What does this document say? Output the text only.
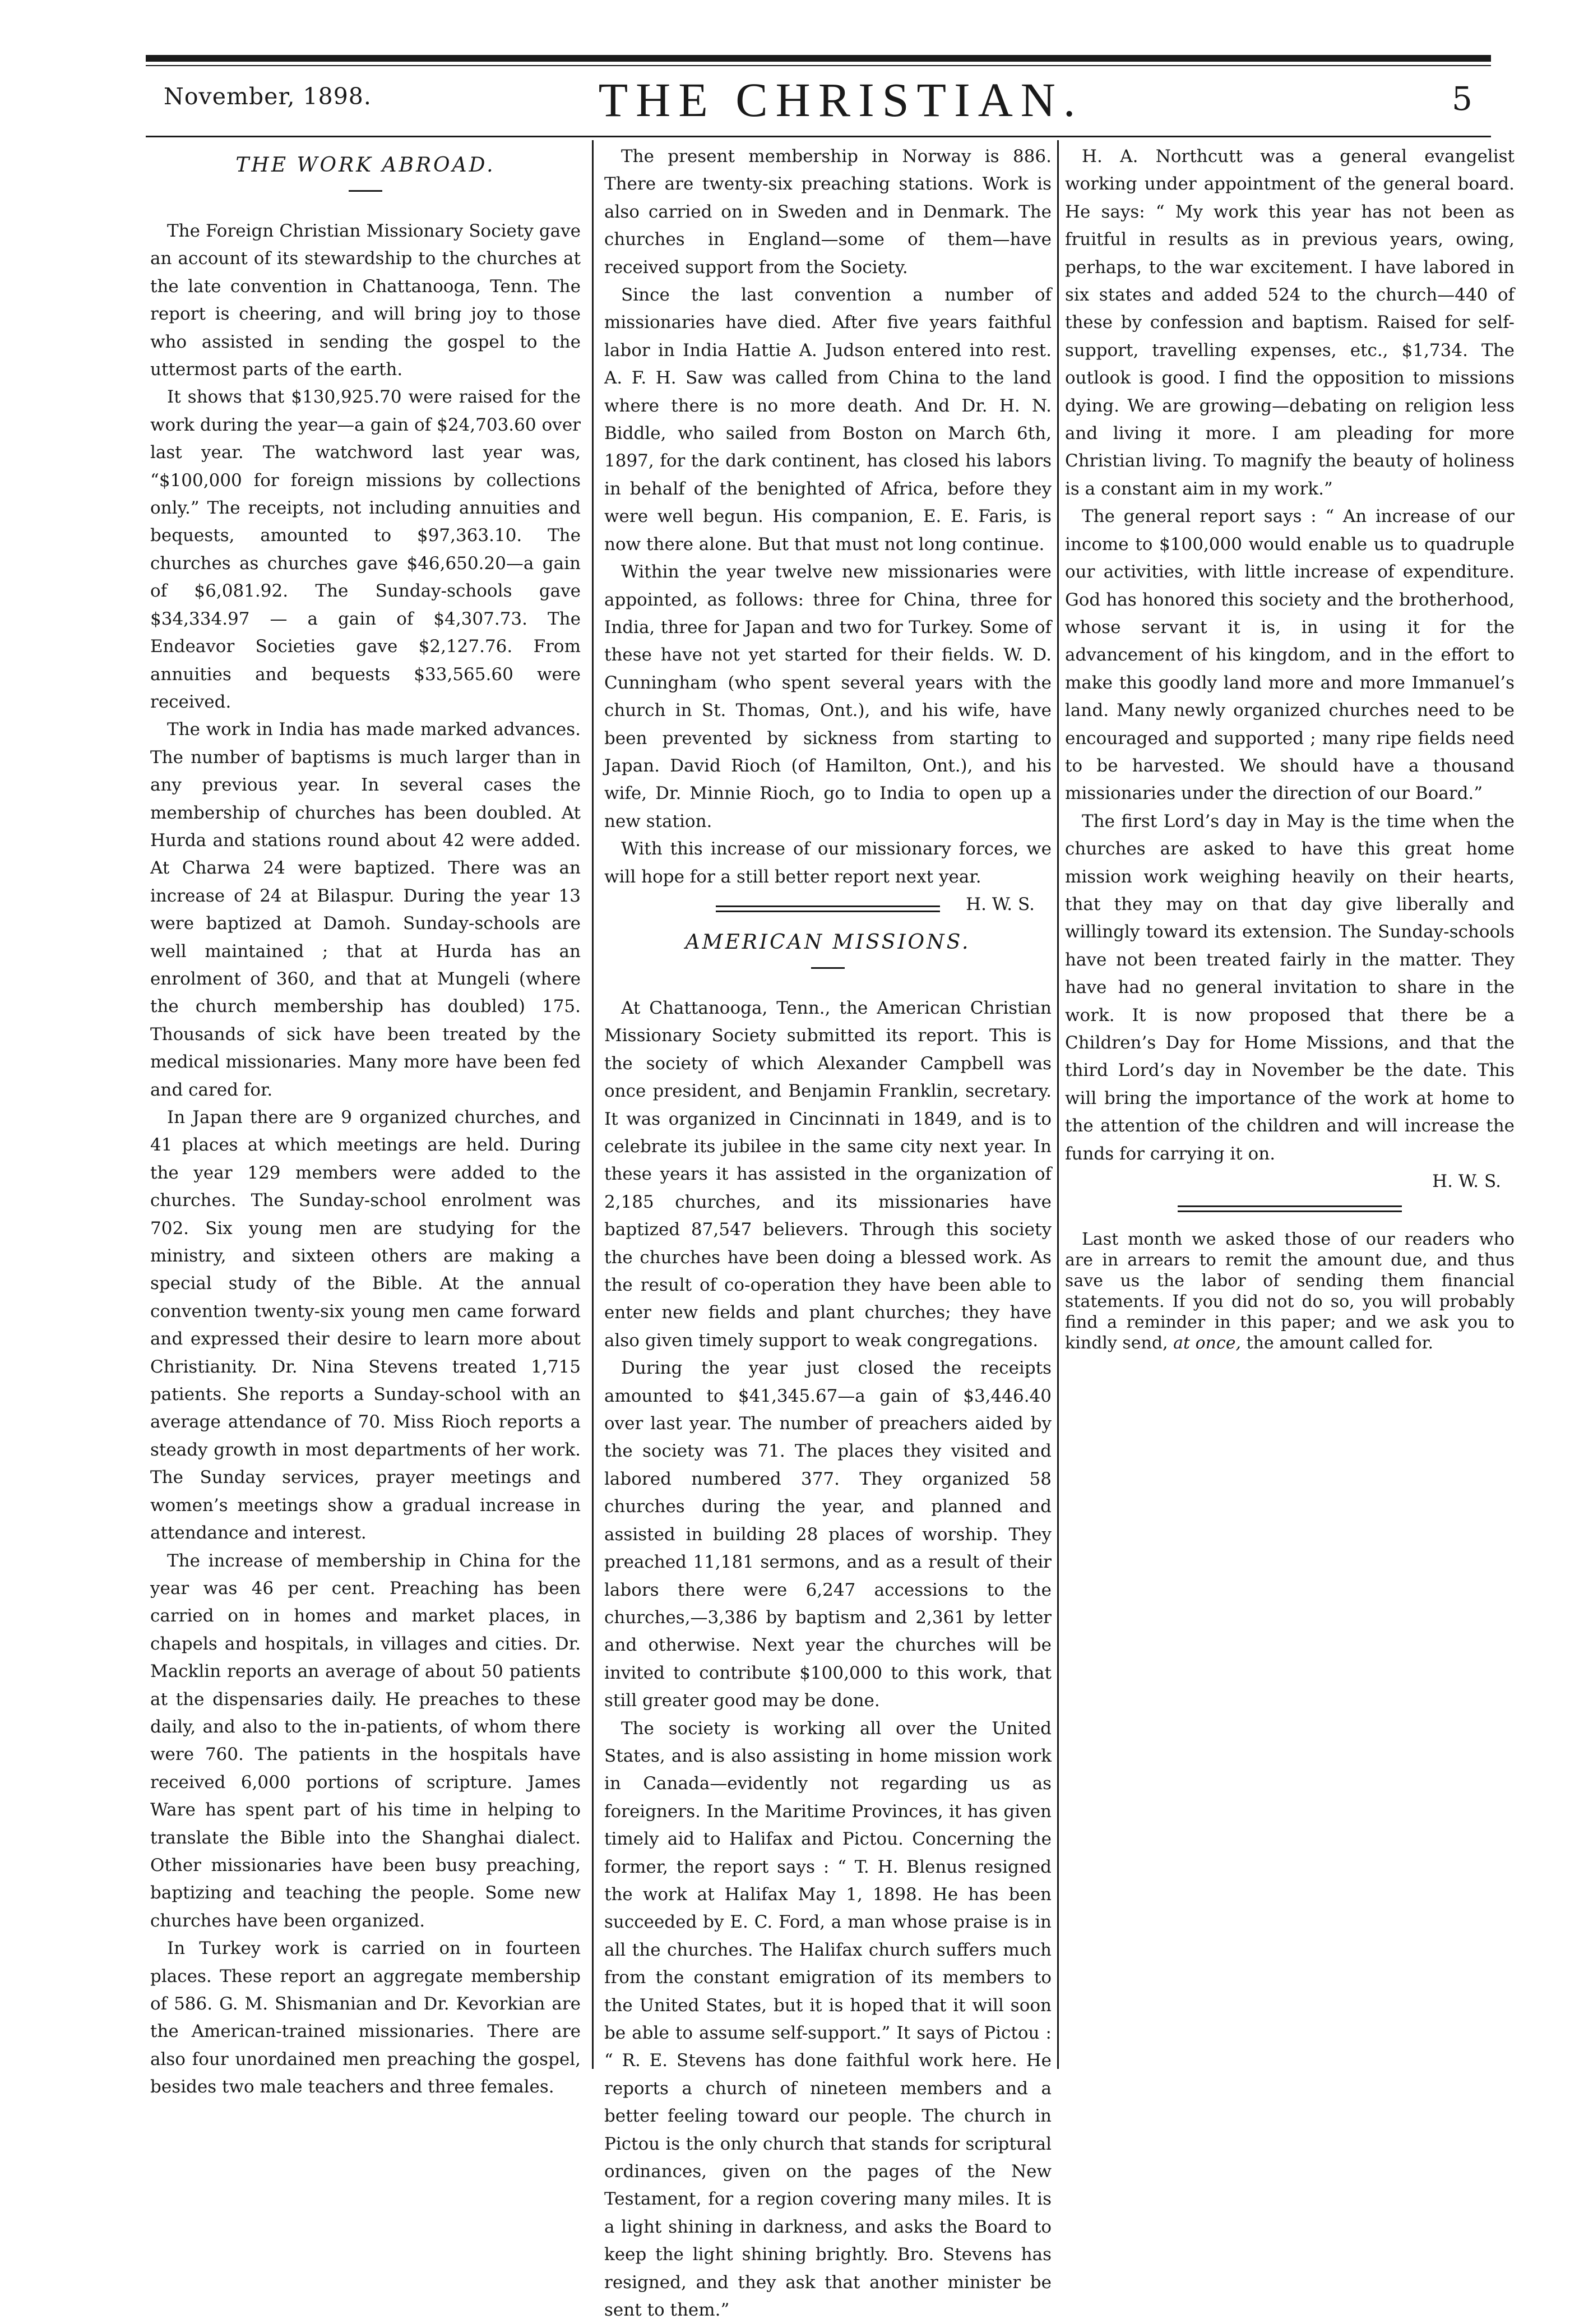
November, 1898.	THE CHRISTIAN.	5
THE WORK ABROAD.

The Foreign Christian Missionary Society gave an account of its stewardship to the churches at the late convention in Chattanooga, Tenn. The report is cheering, and will bring joy to those who assisted in sending the gospel to the uttermost parts of the earth.

It shows that $130,925.70 were raised for the work during the year—a gain of $24,703.60 over last year. The watchword last year was, “$100,000 for foreign missions by collections only.” The receipts, not including annuities and bequests, amounted to $97,363.10. The churches as churches gave $46,650.20—a gain of $6,081.92. The Sunday-schools gave $34,334.97 — a gain of $4,307.73. The Endeavor Societies gave $2,127.76. From annuities and bequests $33,565.60 were received.

The work in India has made marked advances. The number of baptisms is much larger than in any previous year. In several cases the membership of churches has been doubled. At Hurda and stations round about 42 were added. At Charwa 24 were baptized. There was an increase of 24 at Bilaspur. During the year 13 were baptized at Damoh. Sunday-schools are well maintained ; that at Hurda has an enrolment of 360, and that at Mungeli (where the church membership has doubled) 175. Thousands of sick have been treated by the medical missionaries. Many more have been fed and cared for.

In Japan there are 9 organized churches, and 41 places at which meetings are held. During the year 129 members were added to the churches. The Sunday-school enrolment was 702. Six young men are studying for the ministry, and sixteen others are making a special study of the Bible. At the annual convention twenty-six young men came forward and expressed their desire to learn more about Christianity. Dr. Nina Stevens treated 1,715 patients. She reports a Sunday-school with an average attendance of 70. Miss Rioch reports a steady growth in most departments of her work. The Sunday services, prayer meetings and women’s meetings show a gradual increase in attendance and interest.

The increase of membership in China for the year was 46 per cent. Preaching has been carried on in homes and market places, in chapels and hospitals, in villages and cities. Dr. Macklin reports an average of about 50 patients at the dispensaries daily. He preaches to these daily, and also to the in-patients, of whom there were 760. The patients in the hospitals have received 6,000 portions of scripture. James Ware has spent part of his time in helping to translate the Bible into the Shanghai dialect. Other missionaries have been busy preaching, baptizing and teaching the people. Some new churches have been organized.

In Turkey work is carried on in fourteen places. These report an aggregate membership of 586. G. M. Shismanian and Dr. Kevorkian are the American-trained missionaries. There are also four unordained men preaching the gospel, besides two male teachers and three females.

The present membership in Norway is 886. There are twenty-six preaching stations. Work is also carried on in Sweden and in Denmark. The churches in England—some of them—have received support from the Society.

Since the last convention a number of missionaries have died. After five years faithful labor in India Hattie A. Judson entered into rest. A. F. H. Saw was called from China to the land where there is no more death. And Dr. H. N. Biddle, who sailed from Boston on March 6th, 1897, for the dark continent, has closed his labors in behalf of the benighted of Africa, before they were well begun. His companion, E. E. Faris, is now there alone. But that must not long continue.

Within the year twelve new missionaries were appointed, as follows: three for China, three for India, three for Japan and two for Turkey. Some of these have not yet started for their fields. W. D. Cunningham (who spent several years with the church in St. Thomas, Ont.), and his wife, have been prevented by sickness from starting to Japan. David Rioch (of Hamilton, Ont.), and his wife, Dr. Minnie Rioch, go to India to open up a new station.

With this increase of our missionary forces, we will hope for a still better report next year.
H. W. S.

AMERICAN MISSIONS.

At Chattanooga, Tenn., the American Christian Missionary Society submitted its report. This is the society of which Alexander Campbell was once president, and Benjamin Franklin, secretary. It was organized in Cincinnati in 1849, and is to celebrate its jubilee in the same city next year. In these years it has assisted in the organization of 2,185 churches, and its missionaries have baptized 87,547 believers. Through this society the churches have been doing a blessed work. As the result of co-operation they have been able to enter new fields and plant churches; they have also given timely support to weak congregations.

During the year just closed the receipts amounted to $41,345.67—a gain of $3,446.40 over last year. The number of preachers aided by the society was 71. The places they visited and labored numbered 377. They organized 58 churches during the year, and planned and assisted in building 28 places of worship. They preached 11,181 sermons, and as a result of their labors there were 6,247 accessions to the churches,—3,386 by baptism and 2,361 by letter and otherwise. Next year the churches will be invited to contribute $100,000 to this work, that still greater good may be done.

The society is working all over the United States, and is also assisting in home mission work in Canada—evidently not regarding us as foreigners. In the Maritime Provinces, it has given timely aid to Halifax and Pictou. Concerning the former, the report says : “ T. H. Blenus resigned the work at Halifax May 1, 1898. He has been succeeded by E. C. Ford, a man whose praise is in all the churches. The Halifax church suffers much from the constant emigration of its members to the United States, but it is hoped that it will soon be able to assume self-support.” It says of Pictou : “ R. E. Stevens has done faithful work here. He reports a church of nineteen members and a better feeling toward our people. The church in Pictou is the only church that stands for scriptural ordinances, given on the pages of the New Testament, for a region covering many miles. It is a light shining in darkness, and asks the Board to keep the light shining brightly. Bro. Stevens has resigned, and they ask that another minister be sent to them.”

H. A. Northcutt was a general evangelist working under appointment of the general board. He says: “ My work this year has not been as fruitful in results as in previous years, owing, perhaps, to the war excitement. I have labored in six states and added 524 to the church—440 of these by confession and baptism. Raised for self-support, travelling expenses, etc., $1,734. The outlook is good. I find the opposition to missions dying. We are growing—debating on religion less and living it more. I am pleading for more Christian living. To magnify the beauty of holiness is a constant aim in my work.”

The general report says : “ An increase of our income to $100,000 would enable us to quadruple our activities, with little increase of expenditure. God has honored this society and the brotherhood, whose servant it is, in using it for the advancement of his kingdom, and in the effort to make this goodly land more and more Immanuel’s land. Many newly organized churches need to be encouraged and supported ; many ripe fields need to be harvested. We should have a thousand missionaries under the direction of our Board.”

The first Lord’s day in May is the time when the churches are asked to have this great home mission work weighing heavily on their hearts, that they may on that day give liberally and willingly toward its extension. The Sunday-schools have not been treated fairly in the matter. They have had no general invitation to share in the work. It is now proposed that there be a Children’s Day for Home Missions, and that the third Lord’s day in November be the date. This will bring the importance of the work at home to the attention of the children and will increase the funds for carrying it on.

H. W. S.

Last month we asked those of our readers who are in arrears to remit the amount due, and thus save us the labor of sending them financial statements. If you did not do so, you will probably find a reminder in this paper; and we ask you to kindly send, at once, the amount called for.
